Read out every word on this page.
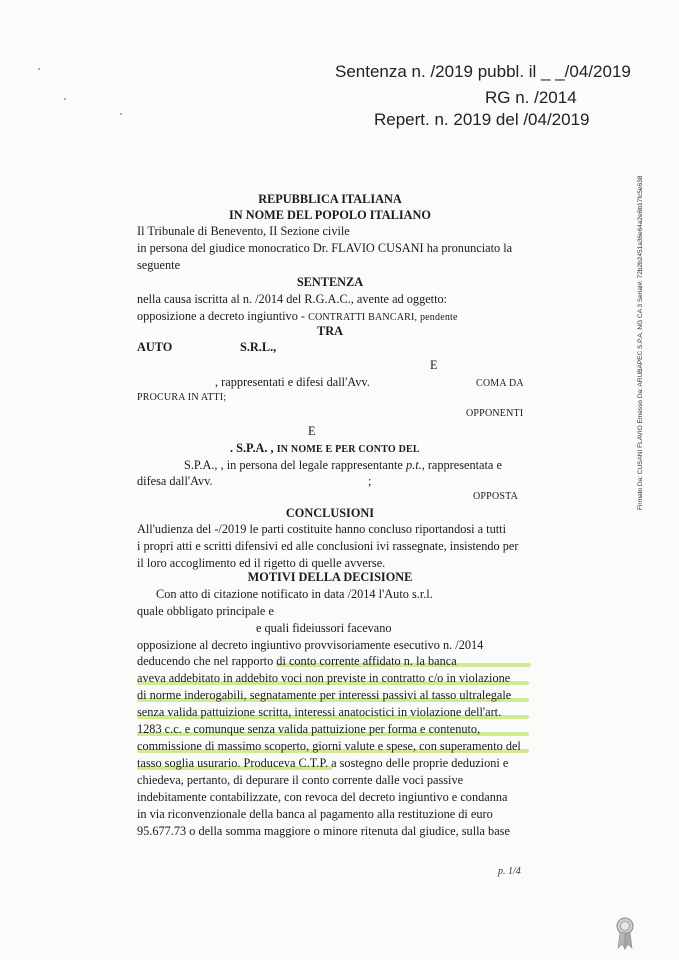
Sentenza n. /2019 pubbl. il _ _/04/2019
RG n. /2014
Repert. n. 2019 del /04/2019
REPUBBLICA ITALIANA
IN NOME DEL POPOLO ITALIANO
Il Tribunale di Benevento, II Sezione civile
in persona del giudice monocratico Dr. FLAVIO CUSANI ha pronunciato la
seguente
SENTENZA
nella causa iscritta al n. /2014 del R.G.A.C., avente ad oggetto:
opposizione a decreto ingiuntivo - CONTRATTI BANCARI, pendente
TRA
AUTO	S.R.L.,
E
, rappresentati e difesi dall'Avv.	COMA DA
PROCURA IN ATTI;
OPPONENTI
E
. S.P.A. , IN NOME E PER CONTO DEL
S.P.A., , in persona del legale rappresentante p.t., rappresentata e
difesa dall'Avv.	;
OPPOSTA
CONCLUSIONI
All'udienza del -/2019 le parti costituite hanno concluso riportandosi a tutti
i propri atti e scritti difensivi ed alle conclusioni ivi rassegnate, insistendo per
il loro accoglimento ed il rigetto di quelle avverse.
MOTIVI DELLA DECISIONE
Con atto di citazione notificato in data /2014 l'Auto s.r.l.
quale obbligato principale e
e quali fideiussori facevano
opposizione al decreto ingiuntivo provvisoriamente esecutivo n. /2014
deducendo che nel rapporto di conto corrente affidato n. la banca
aveva addebitato in addebito voci non previste in contratto c/o in violazione
di norme inderogabili, segnatamente per interessi passivi al tasso ultralegale
senza valida pattuizione scritta, interessi anatocistici in violazione dell'art.
1283 c.c. e comunque senza valida pattuizione per forma e contenuto,
commissione di massimo scoperto, giorni valute e spese, con superamento del
tasso soglia usurario. Produceva C.T.P. a sostegno delle proprie deduzioni e
chiedeva, pertanto, di depurare il conto corrente dalle voci passive
indebitamente contabilizzate, con revoca del decreto ingiuntivo e condanna
in via riconvenzionale della banca al pagamento alla restituzione di euro
95.677.73 o della somma maggiore o minore ritenuta dal giudice, sulla base
p. 1/4
Firmato Da: CUSANI FLAVIO Emesso Da: ARUBAPEC S.P.A. NG CA 3 Serial#: 72b2b2451a36e64a2e6b17fc5e638
